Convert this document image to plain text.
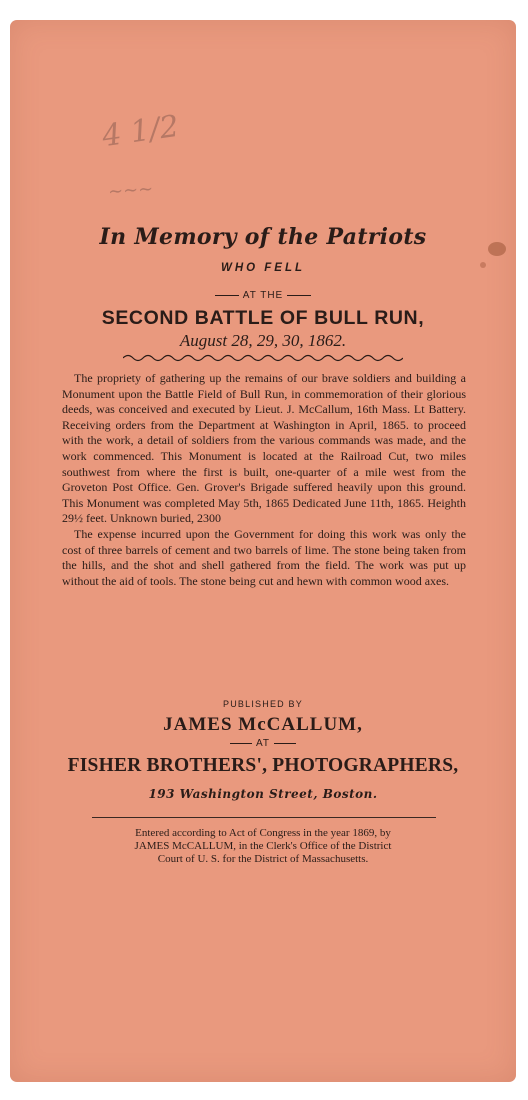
4 1/2
~~~
In Memory of the Patriots
WHO FELL
AT THE
SECOND BATTLE OF BULL RUN,
August 28, 29, 30, 1862.

The propriety of gathering up the remains of our brave soldiers and building a Monument upon the Battle Field of Bull Run, in commemoration of their glorious deeds, was conceived and executed by Lieut. J. McCallum, 16th Mass. Lt Battery. Receiving orders from the Department at Washington in April, 1865. to proceed with the work, a detail of soldiers from the various commands was made, and the work commenced. This Monument is located at the Railroad Cut, two miles southwest from where the first is built, one-quarter of a mile west from the Groveton Post Office. Gen. Grover's Brigade suffered heavily upon this ground. This Monument was completed May 5th, 1865 Dedicated June 11th, 1865. Heighth 29½ feet. Unknown buried, 2300

The expense incurred upon the Government for doing this work was only the cost of three barrels of cement and two barrels of lime. The stone being taken from the hills, and the shot and shell gathered from the field. The work was put up without the aid of tools. The stone being cut and hewn with common wood axes.

PUBLISHED BY
JAMES McCALLUM,
AT
FISHER BROTHERS', PHOTOGRAPHERS,
193 Washington Street, Boston.
Entered according to Act of Congress in the year 1869, by
JAMES McCALLUM, in the Clerk's Office of the District
Court of U. S. for the District of Massachusetts.
